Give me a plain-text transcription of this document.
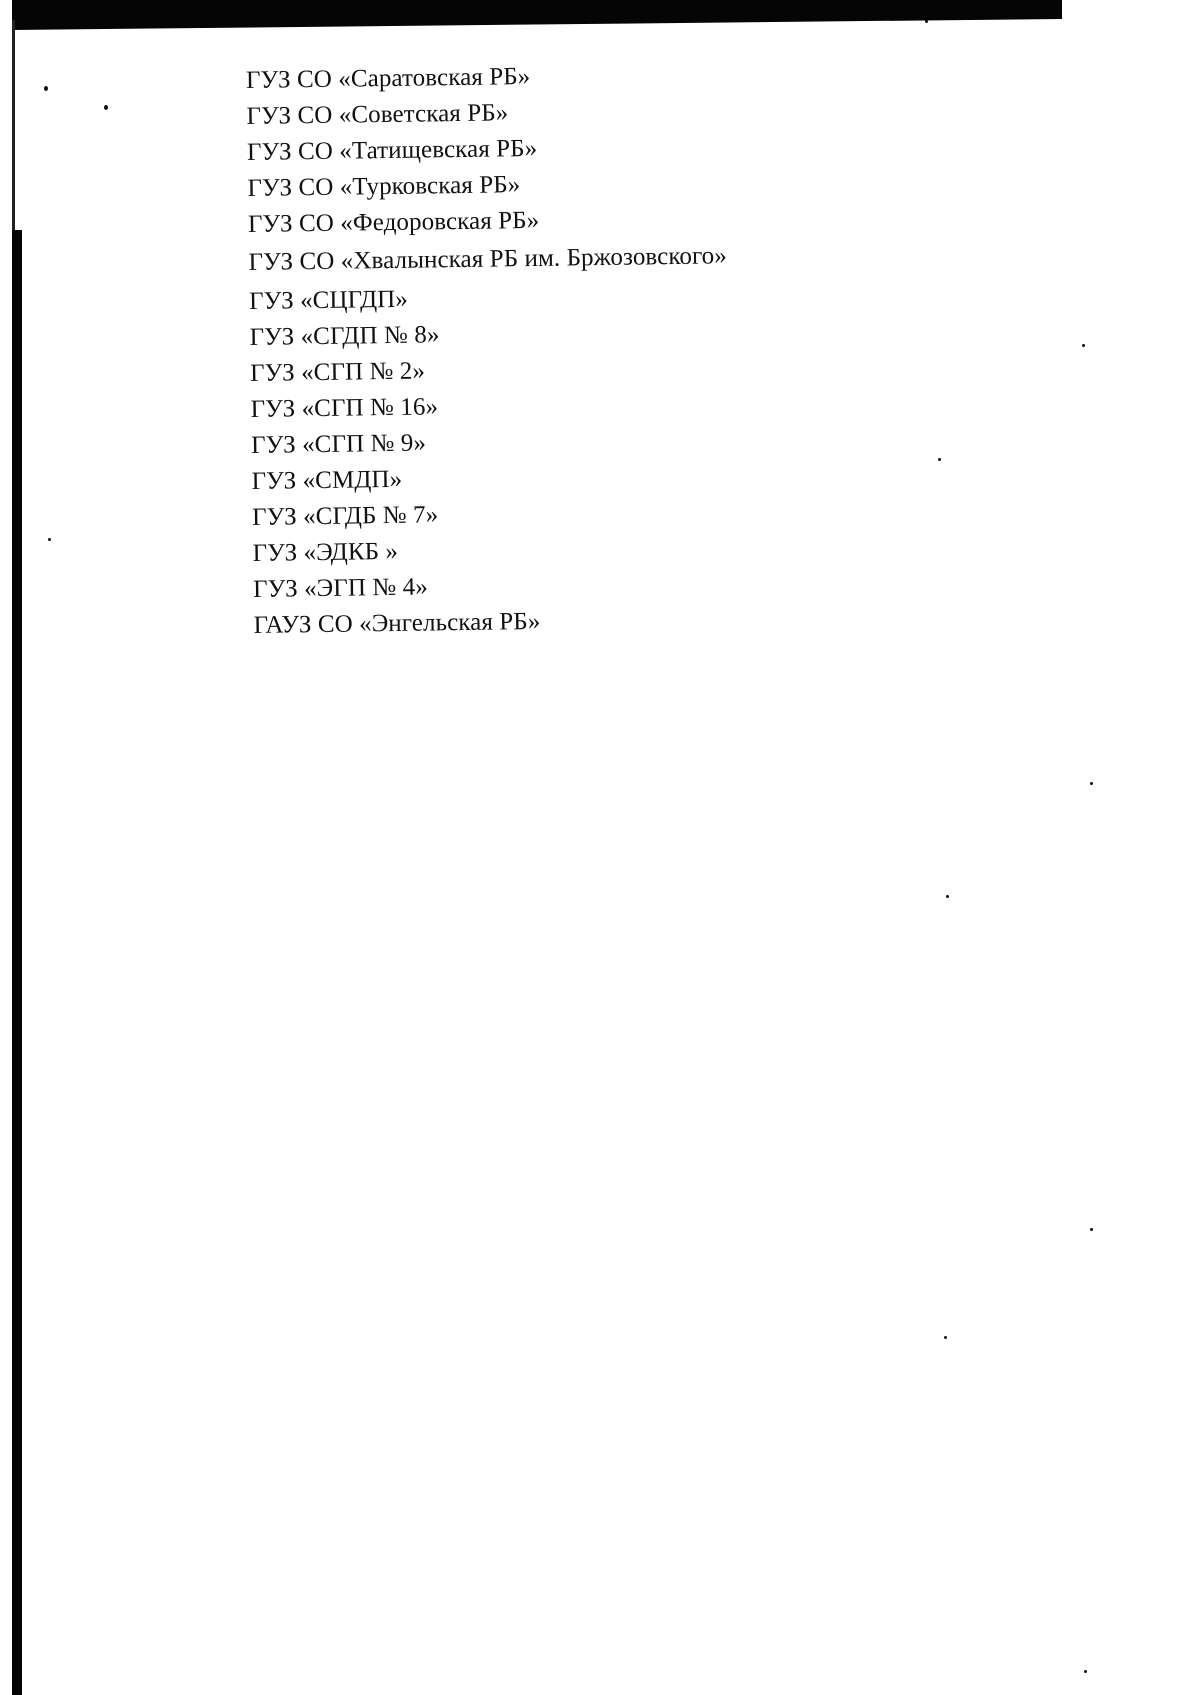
ГУЗ СО «Саратовская РБ»
ГУЗ СО «Советская РБ»
ГУЗ СО «Татищевская РБ»
ГУЗ СО «Турковская РБ»
ГУЗ СО «Федоровская РБ»
ГУЗ СО «Хвалынская РБ им. Бржозовского»
ГУЗ «СЦГДП»
ГУЗ «СГДП № 8»
ГУЗ «СГП № 2»
ГУЗ «СГП № 16»
ГУЗ «СГП № 9»
ГУЗ «СМДП»
ГУЗ «СГДБ № 7»
ГУЗ «ЭДКБ »
ГУЗ «ЭГП № 4»
ГАУЗ СО «Энгельская РБ»
